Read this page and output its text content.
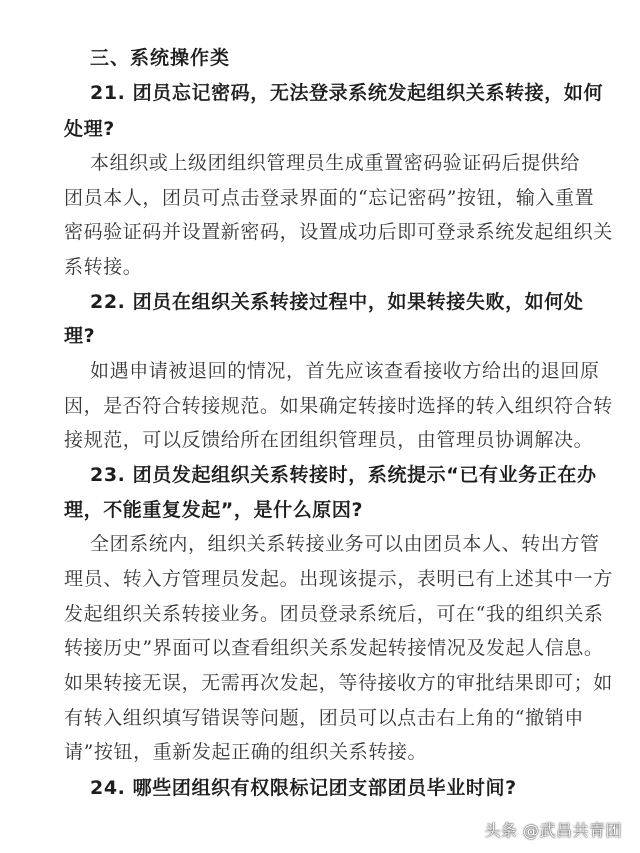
三、系统操作类
21. 团员忘记密码，无法登录系统发起组织关系转接，如何
处理?
本组织或上级团组织管理员生成重置密码验证码后提供给
团员本人，团员可点击登录界面的“忘记密码”按钮，输入重置
密码验证码并设置新密码，设置成功后即可登录系统发起组织关
系转接。
22. 团员在组织关系转接过程中，如果转接失败，如何处
理?
如遇申请被退回的情况，首先应该查看接收方给出的退回原
因，是否符合转接规范。如果确定转接时选择的转入组织符合转
接规范，可以反馈给所在团组织管理员，由管理员协调解决。
23. 团员发起组织关系转接时，系统提示“已有业务正在办
理，不能重复发起”，是什么原因?
全团系统内，组织关系转接业务可以由团员本人、转出方管
理员、转入方管理员发起。出现该提示，表明已有上述其中一方
发起组织关系转接业务。团员登录系统后，可在“我的组织关系
转接历史”界面可以查看组织关系发起转接情况及发起人信息。
如果转接无误，无需再次发起，等待接收方的审批结果即可；如
有转入组织填写错误等问题，团员可以点击右上角的“撤销申
请”按钮，重新发起正确的组织关系转接。
24. 哪些团组织有权限标记团支部团员毕业时间?
头条 @武昌共青团
